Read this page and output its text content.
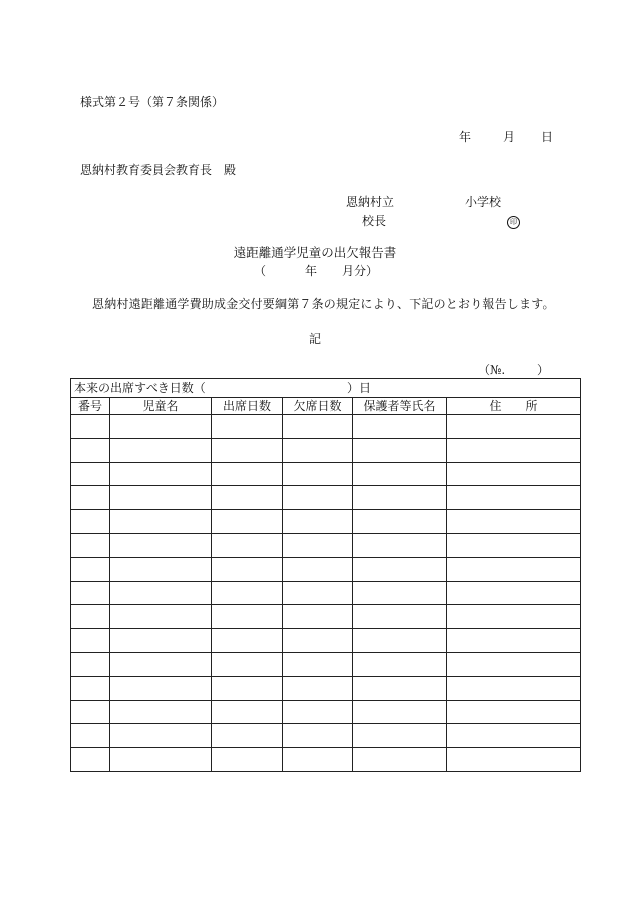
様式第２号（第７条関係）
年	月 日
恩納村教育委員会教育長　殿
恩納村立	小学校
校長	印
遠距離通学児童の出欠報告書
（	年 月分）
恩納村遠距離通学費助成金交付要綱第７条の規定により、下記のとおり報告します。
記
（№.	）
本来の出席すべき日数（ ）日					

番号	児童名	出席日数	欠席日数	保護者等氏名	住　　所
